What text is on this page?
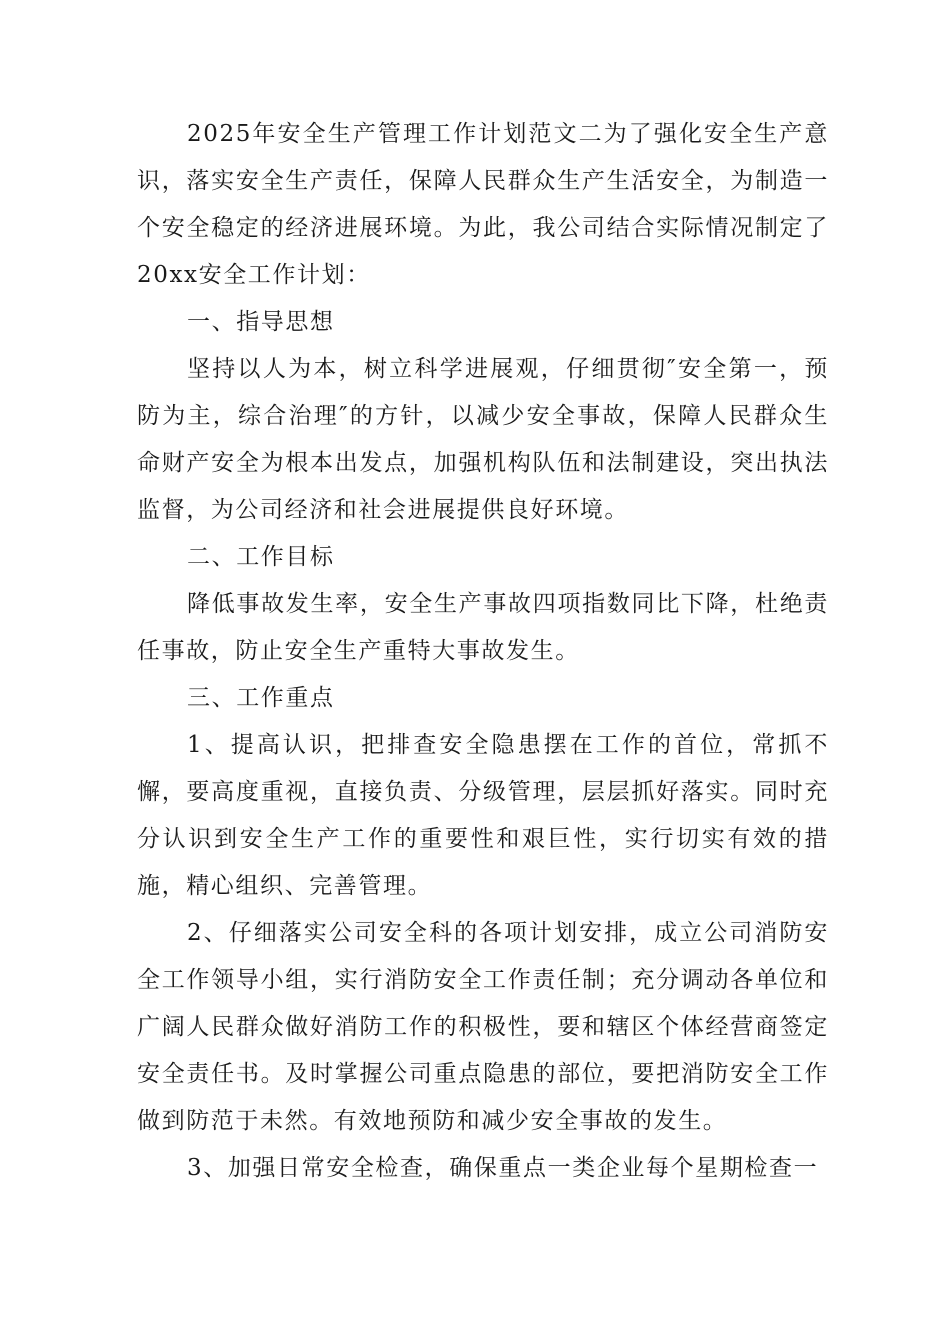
2025年安全生产管理工作计划范文二为了强化安全生产意识，落实安全生产责任，保障人民群众生产生活安全，为制造一个安全稳定的经济进展环境。为此，我公司结合实际情况制定了 20xx安全工作计划：

一、指导思想

坚持以人为本，树立科学进展观，仔细贯彻″安全第一，预防为主，综合治理″的方针，以减少安全事故，保障人民群众生命财产安全为根本出发点，加强机构队伍和法制建设，突出执法监督，为公司经济和社会进展提供良好环境。

二、工作目标

降低事故发生率，安全生产事故四项指数同比下降，杜绝责任事故，防止安全生产重特大事故发生。

三、工作重点

1、提高认识，把排查安全隐患摆在工作的首位，常抓不懈，要高度重视，直接负责、分级管理，层层抓好落实。同时充分认识到安全生产工作的重要性和艰巨性，实行切实有效的措施，精心组织、完善管理。

2、仔细落实公司安全科的各项计划安排，成立公司消防安全工作领导小组，实行消防安全工作责任制；充分调动各单位和广阔人民群众做好消防工作的积极性，要和辖区个体经营商签定安全责任书。及时掌握公司重点隐患的部位，要把消防安全工作做到防范于未然。有效地预防和减少安全事故的发生。

3、加强日常安全检查，确保重点一类企业每个星期检查一
